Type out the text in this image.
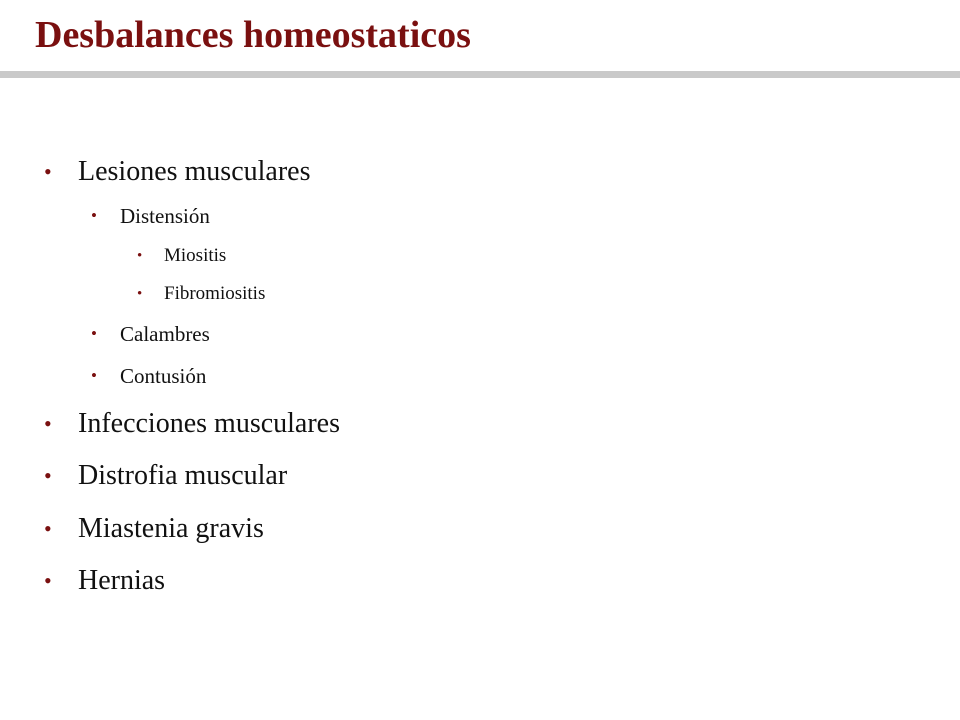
Desbalances homeostaticos
• Lesiones musculares
• Distensión
• Miositis
• Fibromiositis
• Calambres
• Contusión
• Infecciones musculares
• Distrofia muscular
• Miastenia gravis
• Hernias
